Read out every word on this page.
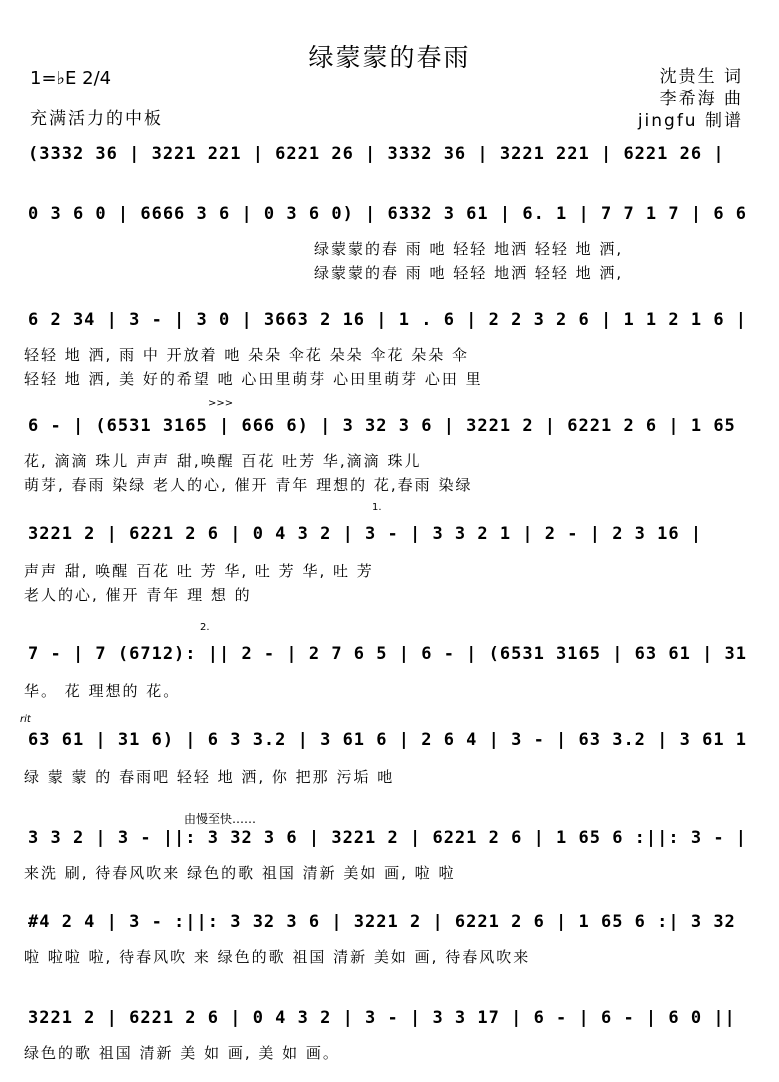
绿蒙蒙的春雨
1=♭E 2/4
充满活力的中板
沈贵生 词
李希海 曲
jingfu 制谱
(3332 36 | 3221 221 | 6221 26 | 3332 36 | 3221 221 | 6221 26 |
0 3 6 0 | 6666 3 6 | 0 3 6 0) | 6332 3 61 | 6. 1 | 7 7 1 7 | 6 6
绿蒙蒙的春 雨 吔 轻轻 地洒 轻轻 地 洒,
绿蒙蒙的春 雨 吔 轻轻 地洒 轻轻 地 洒,
6 2 34 | 3 - | 3 0 | 3663 2 16 | 1 . 6 | 2 2 3 2 6 | 1 1 2 1 6 |
轻轻 地 洒, 雨 中 开放着 吔 朵朵 伞花 朵朵 伞花 朵朵 伞
轻轻 地 洒, 美 好的希望 吔 心田里萌芽 心田里萌芽 心田 里
>>>
6 - | (6531 3165 | 666 6) | 3 32 3 6 | 3221 2 | 6221 2 6 | 1 65
花, 滴滴 珠儿 声声 甜,唤醒 百花 吐芳 华,滴滴 珠儿
萌芽, 春雨 染绿 老人的心, 催开 青年 理想的 花,春雨 染绿
1.
3221 2 | 6221 2 6 | 0 4 3 2 | 3 - | 3 3 2 1 | 2 - | 2 3 16 |
声声 甜, 唤醒 百花 吐 芳 华, 吐 芳 华, 吐 芳
老人的心, 催开 青年 理 想 的
2.
7 - | 7 (6712): || 2 - | 2 7 6 5 | 6 - | (6531 3165 | 63 61 | 31
华。 花 理想的 花。
rit
63 61 | 31 6) | 6 3 3.2 | 3 61 6 | 2 6 4 | 3 - | 63 3.2 | 3 61 1
绿 蒙 蒙 的 春雨吧 轻轻 地 洒, 你 把那 污垢 吔
由慢至快……
3 3 2 | 3 - ||: 3 32 3 6 | 3221 2 | 6221 2 6 | 1 65 6 :||: 3 - |
来洗 刷, 待春风吹来 绿色的歌 祖国 清新 美如 画, 啦 啦
#4 2 4 | 3 - :||: 3 32 3 6 | 3221 2 | 6221 2 6 | 1 65 6 :| 3 32
啦 啦啦 啦, 待春风吹 来 绿色的歌 祖国 清新 美如 画, 待春风吹来
3221 2 | 6221 2 6 | 0 4 3 2 | 3 - | 3 3 17 | 6 - | 6 - | 6 0 ||
绿色的歌 祖国 清新 美 如 画, 美 如 画。
